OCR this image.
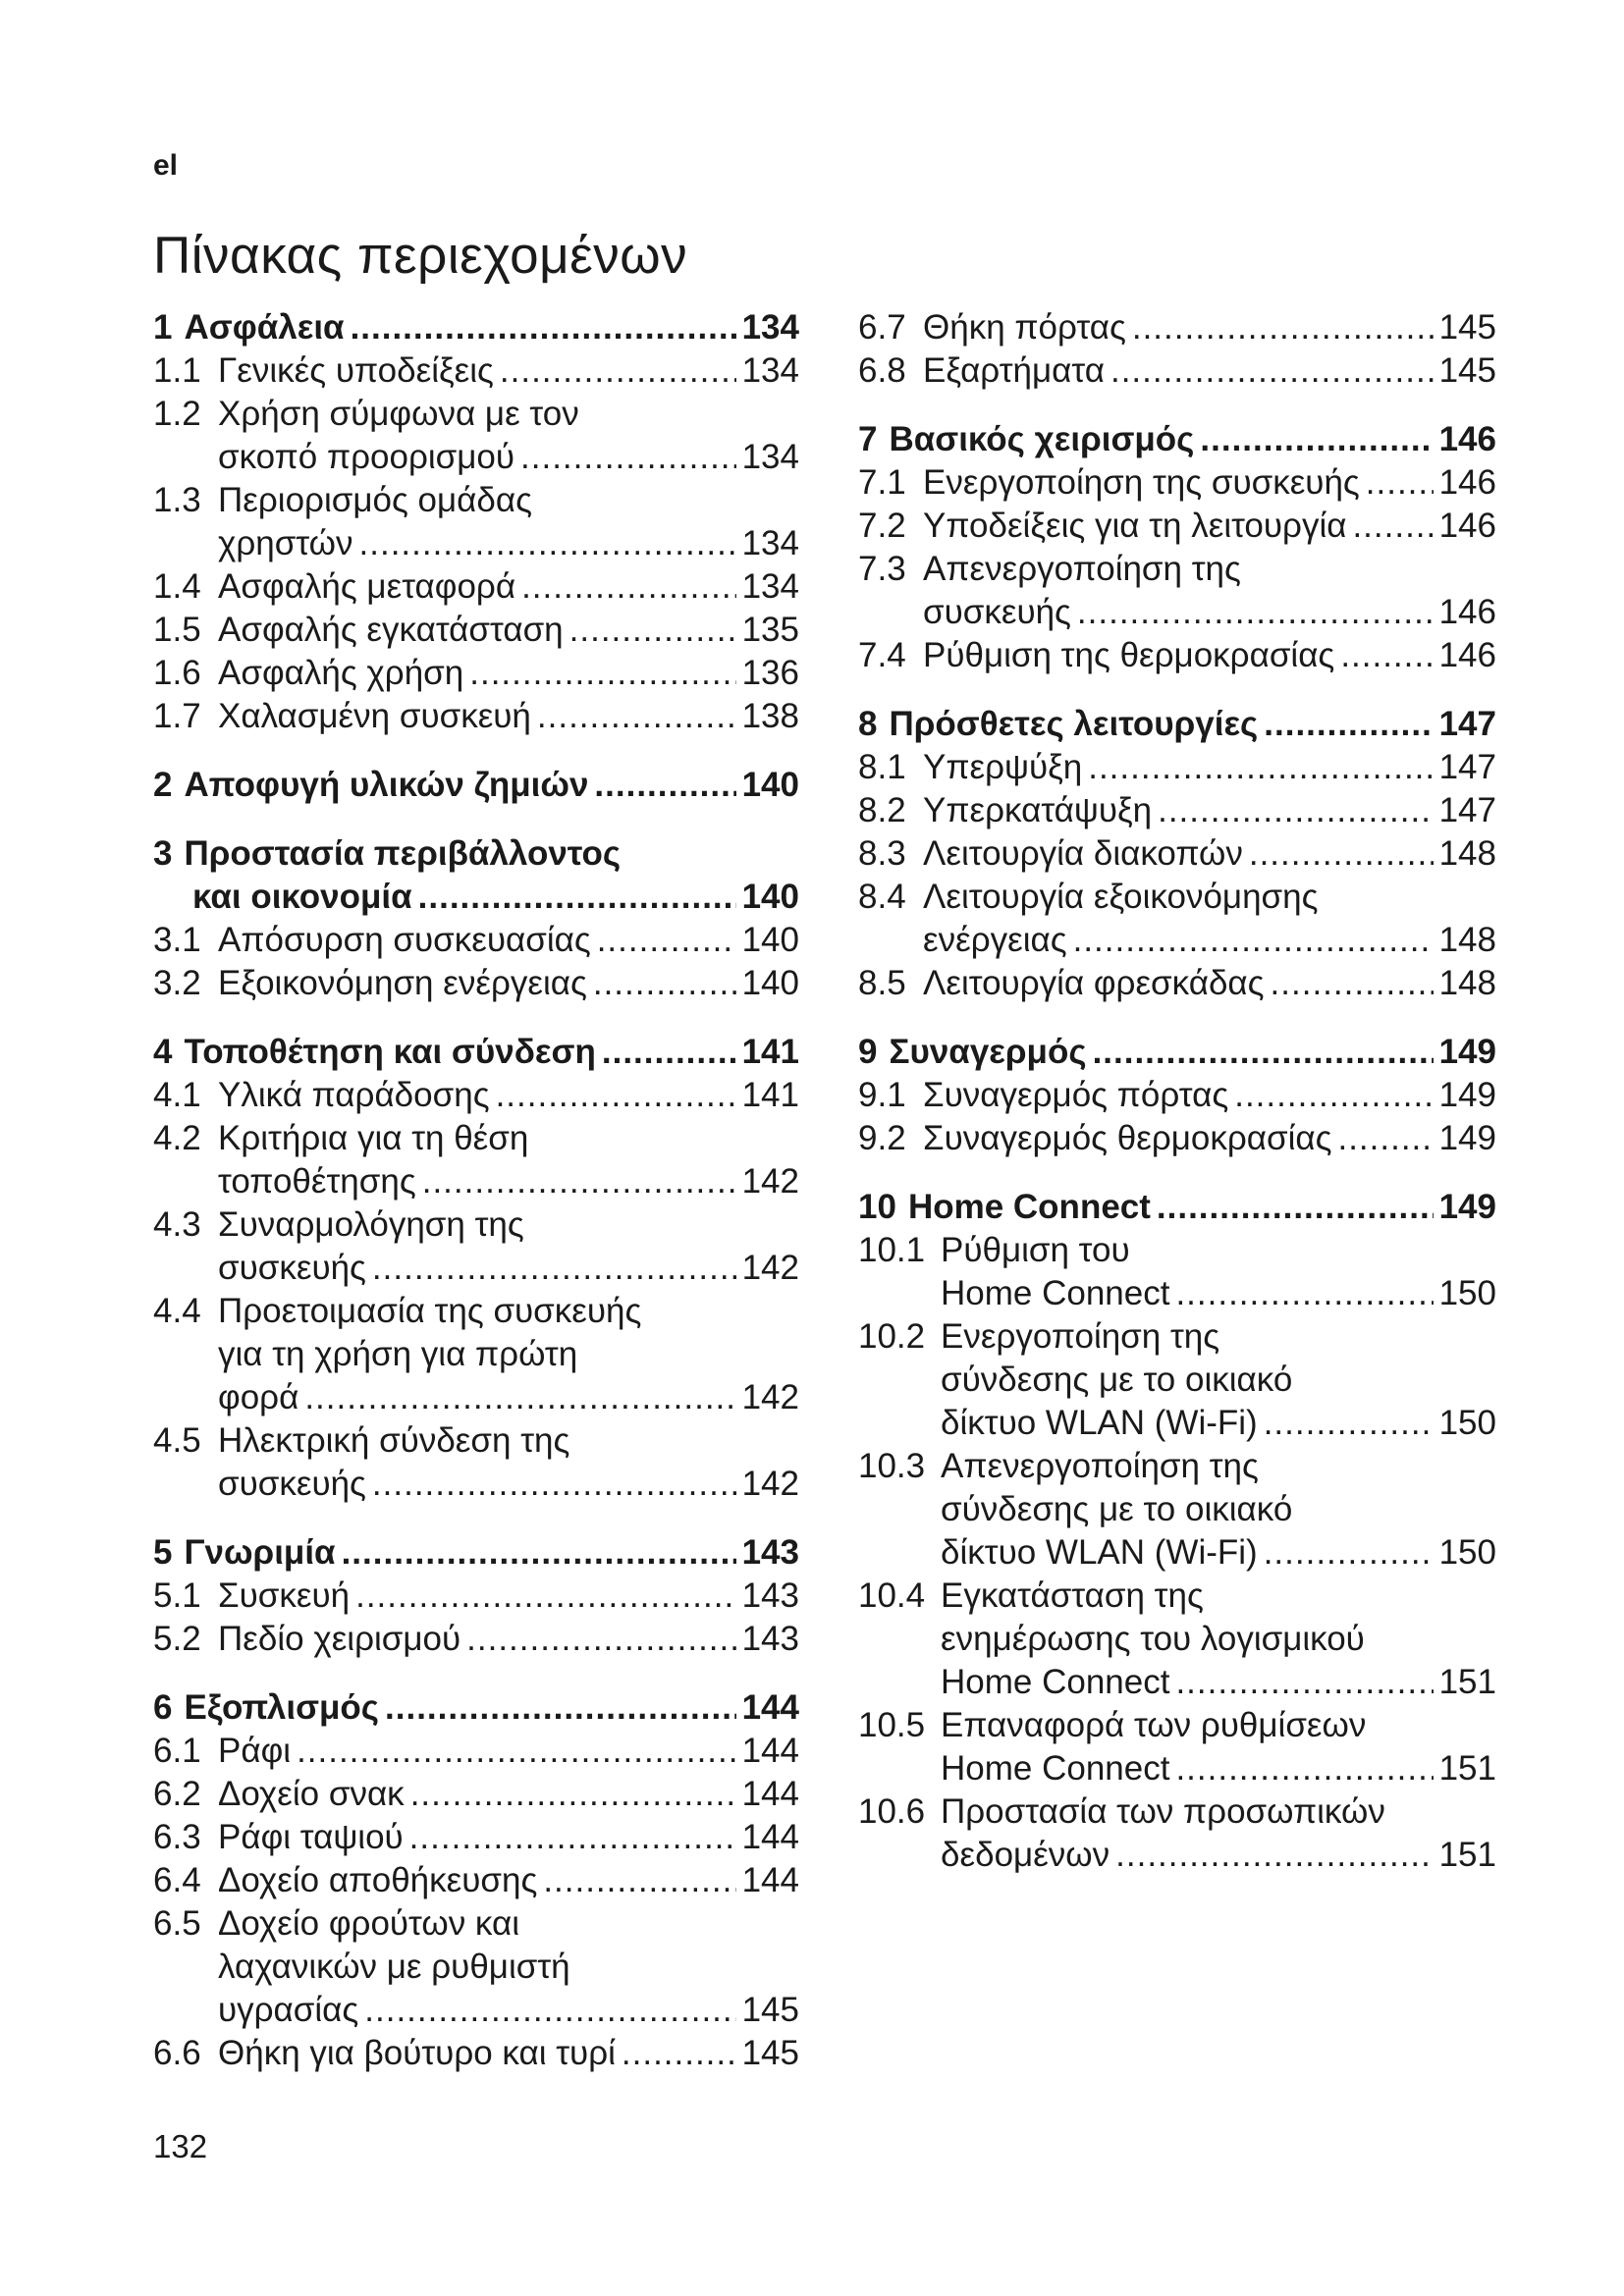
el
Πίνακας περιεχομένων
1 Ασφάλεια .....	134
1.1 Γενικές υποδείξεις .....	134
1.2 Χρήση σύμφωνα με τον
σκοπό προορισμού .....	134
1.3 Περιορισμός ομάδας
χρηστών .....	134
1.4 Ασφαλής μεταφορά .....	134
1.5 Ασφαλής εγκατάσταση .....	135
1.6 Ασφαλής χρήση .....	136
1.7 Χαλασμένη συσκευή .....	138
2 Αποφυγή υλικών ζημιών .....	140
3 Προστασία περιβάλλοντος
και οικονομία .....	140
3.1 Απόσυρση συσκευασίας .....	140
3.2 Εξοικονόμηση ενέργειας .....	140
4 Τοποθέτηση και σύνδεση .....	141
4.1 Υλικά παράδοσης .....	141
4.2 Κριτήρια για τη θέση
τοποθέτησης .....	142
4.3 Συναρμολόγηση της
συσκευής .....	142
4.4 Προετοιμασία της συσκευής
για τη χρήση για πρώτη
φορά .....	142
4.5 Ηλεκτρική σύνδεση της
συσκευής .....	142
5 Γνωριμία .....	143
5.1 Συσκευή .....	143
5.2 Πεδίο χειρισμού .....	143
6 Εξοπλισμός .....	144
6.1 Ράφι .....	144
6.2 Δοχείο σνακ .....	144
6.3 Ράφι ταψιού .....	144
6.4 Δοχείο αποθήκευσης .....	144
6.5 Δοχείο φρούτων και
λαχανικών με ρυθμιστή
υγρασίας .....	145
6.6 Θήκη για βούτυρο και τυρί .....	145
6.7 Θήκη πόρτας .....	145
6.8 Εξαρτήματα .....	145
7 Βασικός χειρισμός .....	146
7.1 Ενεργοποίηση της συσκευής ..... 146
7.2 Υποδείξεις για τη λειτουργία .....	146
7.3 Απενεργοποίηση της
συσκευής .....	146
7.4 Ρύθμιση της θερμοκρασίας .....	146
8 Πρόσθετες λειτουργίες .....	147
8.1 Υπερψύξη .....	147
8.2 Υπερκατάψυξη .....	147
8.3 Λειτουργία διακοπών .....	148
8.4 Λειτουργία εξοικονόμησης
ενέργειας .....	148
8.5 Λειτουργία φρεσκάδας .....	148
9 Συναγερμός .....	149
9.1 Συναγερμός πόρτας .....	149
9.2 Συναγερμός θερμοκρασίας .....	149
10 Home Connect .....	149
10.1 Ρύθμιση του
Home Connect .....	150
10.2 Ενεργοποίηση της
σύνδεσης με το οικιακό
δίκτυο WLAN (Wi-Fi) .....	150
10.3 Απενεργοποίηση της
σύνδεσης με το οικιακό
δίκτυο WLAN (Wi-Fi) .....	150
10.4 Εγκατάσταση της
ενημέρωσης του λογισμικού
Home Connect .....	151
10.5 Επαναφορά των ρυθμίσεων
Home Connect .....	151
10.6 Προστασία των προσωπικών
δεδομένων .....	151
132
